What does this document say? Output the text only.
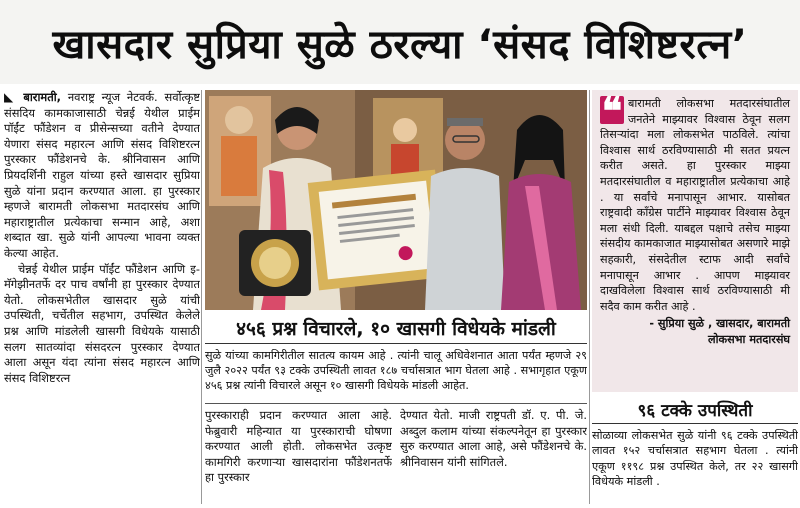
खासदार सुप्रिया सुळे ठरल्या ‘संसद विशिष्टरत्न’

◣ बारामती, नवराष्ट्र न्यूज नेटवर्क. सर्वोत्कृष्ट संसदिय कामकाजासाठी चेन्नई येथील प्राईम पॉईंट फौंडेशन व प्रीसेन्सच्या वतीने देण्यात येणारा संसद महारत्न आणि संसद विशिष्टरत्न पुरस्कार फौंडेशनचे के. श्रीनिवासन आणि प्रियदर्शिनी राहुल यांच्या हस्ते खासदार सुप्रिया सुळे यांना प्रदान करण्यात आला. हा पुरस्कार म्हणजे बारामती लोकसभा मतदारसंघ आणि महाराष्ट्रातील प्रत्येकाचा सन्मान आहे, अशा शब्दात खा. सुळे यांनी आपल्या भावना व्यक्त केल्या आहेत.

चेन्नई येथील प्राईम पॉईंट फौंडेशन आणि इ- मॅगेझीनतर्फे दर पाच वर्षांनी हा पुरस्कार देण्यात येतो. लोकसभेतील खासदार सुळे यांची उपस्थिती, चर्चेतील सहभाग, उपस्थित केलेले प्रश्न आणि मांडलेली खासगी विधेयके यासाठी सलग सातव्यांदा संसदरत्न पुरस्कार देण्यात आला असून यंदा त्यांना संसद महारत्न आणि संसद विशिष्टरत्न

४५६ प्रश्न विचारले, १० खासगी विधेयके मांडली
सुळे यांच्या कामगिरीतील सातत्य कायम आहे . त्यांनी चालू अधिवेशनात आता पर्यंत म्हणजे २९ जुलै २०२२ पर्यंत ९३ टक्के उपस्थिती लावत १८७ चर्चासत्रात भाग घेतला आहे . सभागृहात एकूण ४५६ प्रश्न त्यांनी विचारले असून १० खासगी विधेयके मांडली आहेत.
पुरस्काराही प्रदान करण्यात आला आहे. फेब्रुवारी महिन्यात या पुरस्काराची घोषणा करण्यात आली होती. लोकसभेत उत्कृष्ट कामगिरी करणाऱ्या खासदारांना फौंडेशनतर्फे हा पुरस्कार
देण्यात येतो. माजी राष्ट्रपती डॉ. ए. पी. जे. अब्दुल कलाम यांच्या संकल्पनेतून हा पुरस्कार सुरु करण्यात आला आहे, असे फौंडेशनचे के. श्रीनिवासन यांनी सांगितले.
❝ बारामती लोकसभा मतदारसंघातील जनतेने माझ्यावर विश्वास ठेवून सलग तिसऱ्यांदा मला लोकसभेत पाठविले. त्यांचा विश्वास सार्थ ठरविण्यासाठी मी सतत प्रयत्न करीत असते. हा पुरस्कार माझ्या मतदारसंघातील व महाराष्ट्रातील प्रत्येकाचा आहे . या सर्वांचे मनापासून आभार. यासोबत राष्ट्रवादी काँग्रेस पार्टीने माझ्यावर विश्वास ठेवून मला संधी दिली. याबद्दल पक्षाचे तसेच माझ्या संसदीय कामकाजात माझ्यासोबत असणारे माझे सहकारी, संसदेतील स्टाफ आदी सर्वांचे मनापासून आभार . आपण माझ्यावर दाखविलेला विश्वास सार्थ ठरविण्यासाठी मी सदैव काम करीत आहे .
- सुप्रिया सुळे , खासदार, बारामती
लोकसभा मतदारसंघ
९६ टक्के उपस्थिती
सोळाव्या लोकसभेत सुळे यांनी ९६ टक्के उपस्थिती लावत १५२ चर्चासत्रात सहभाग घेतला . त्यांनी एकूण ११९८ प्रश्न उपस्थित केले, तर २२ खासगी विधेयके मांडली .
